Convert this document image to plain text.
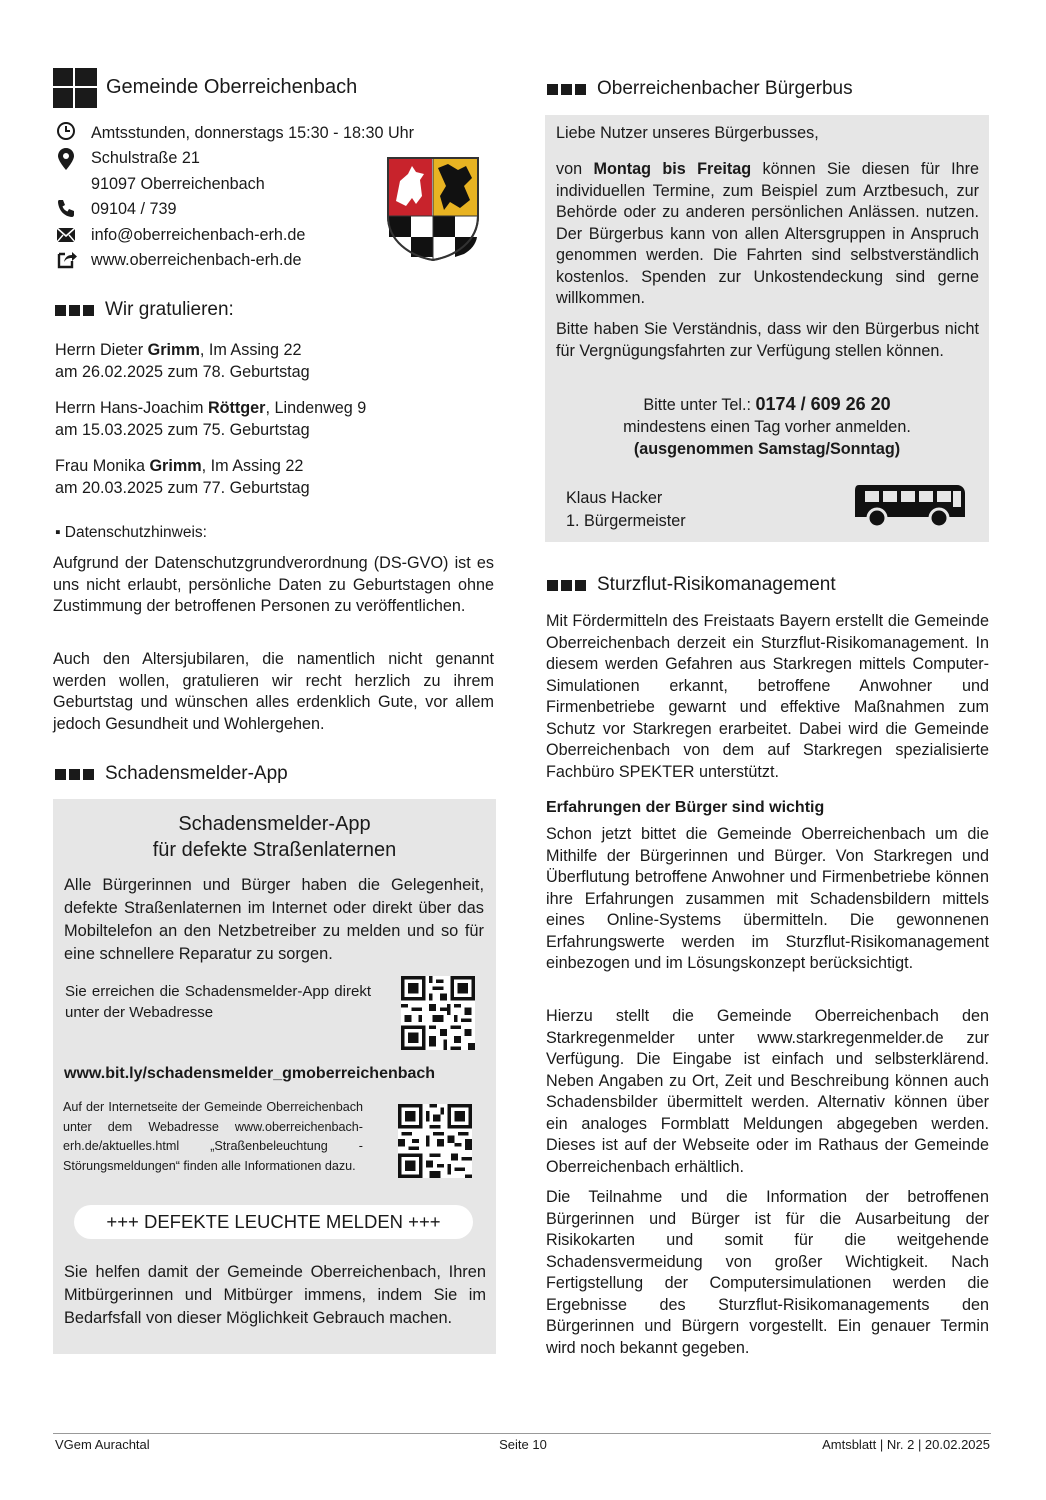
Gemeinde Oberreichenbach
Amtsstunden, donnerstags 15:30 - 18:30 Uhr
Schulstraße 21
91097 Oberreichenbach
09104 / 739
info@oberreichenbach-erh.de
www.oberreichenbach-erh.de
Wir gratulieren:
Herrn Dieter Grimm, Im Assing 22
am 26.02.2025 zum 78. Geburtstag
Herrn Hans-Joachim Röttger, Lindenweg 9
am 15.03.2025 zum 75. Geburtstag
Frau Monika Grimm, Im Assing 22
am 20.03.2025 zum 77. Geburtstag
▪ Datenschutzhinweis:

Aufgrund der Datenschutzgrundverordnung (DS-GVO) ist es uns nicht erlaubt, persönliche Daten zu Geburtstagen ohne Zustimmung der betroffenen Personen zu veröffentlichen.

Auch den Altersjubilaren, die namentlich nicht genannt werden wollen, gratulieren wir recht herzlich zu ihrem Geburtstag und wünschen alles erdenklich Gute, vor allem jedoch Gesundheit und Wohlergehen.

Schadensmelder-App
Schadensmelder-App
für defekte Straßenlaternen

Alle Bürgerinnen und Bürger haben die Gelegenheit, defekte Straßenlaternen im Internet oder direkt über das Mobiltelefon an den Netzbetreiber zu melden und so für eine schnellere Reparatur zu sorgen.

Sie erreichen die Schadensmelder-App direkt unter der Webadresse

www.bit.ly/schadensmelder_gmoberreichenbach

Auf der Internetseite der Gemeinde Oberreichenbach unter dem Webadresse www.oberreichenbach-erh.de/aktuelles.html „Straßenbeleuchtung - Störungsmeldungen“ finden alle Informationen dazu.

+++ DEFEKTE LEUCHTE MELDEN +++

Sie helfen damit der Gemeinde Oberreichenbach, Ihren Mitbürgerinnen und Mitbürger immens, indem Sie im Bedarfsfall von dieser Möglichkeit Gebrauch machen.

Oberreichenbacher Bürgerbus
Liebe Nutzer unseres Bürgerbusses,

von Montag bis Freitag können Sie diesen für Ihre individuellen Termine, zum Beispiel zum Arztbesuch, zur Behörde oder zu anderen persönlichen Anlässen. nutzen. Der Bürgerbus kann von allen Altersgruppen in Anspruch genommen werden. Die Fahrten sind selbstverständlich kostenlos. Spenden zur Unkostendeckung sind gerne willkommen.

Bitte haben Sie Verständnis, dass wir den Bürgerbus nicht für Vergnügungsfahrten zur Verfügung stellen können.

Bitte unter Tel.: 0174 / 609 26 20
mindestens einen Tag vorher anmelden.
(ausgenommen Samstag/Sonntag)
Klaus Hacker
1. Bürgermeister
Sturzflut-Risikomanagement

Mit Fördermitteln des Freistaats Bayern erstellt die Gemeinde Oberreichenbach derzeit ein Sturzflut-Risikomanagement. In diesem werden Gefahren aus Starkregen mittels Computer-Simulationen erkannt, betroffene Anwohner und Firmenbetriebe gewarnt und effektive Maßnahmen zum Schutz vor Starkregen erarbeitet. Dabei wird die Gemeinde Oberreichenbach von dem auf Starkregen spezialisierte Fachbüro SPEKTER unterstützt.

Erfahrungen der Bürger sind wichtig

Schon jetzt bittet die Gemeinde Oberreichenbach um die Mithilfe der Bürgerinnen und Bürger. Von Starkregen und Überflutung betroffene Anwohner und Firmenbetriebe können ihre Erfahrungen zusammen mit Schadensbildern mittels eines Online-Systems übermitteln. Die gewonnenen Erfahrungswerte werden im Sturzflut-Risikomanagement einbezogen und im Lösungskonzept berücksichtigt.

Hierzu stellt die Gemeinde Oberreichenbach den Starkregenmelder unter www.starkregenmelder.de zur Verfügung. Die Eingabe ist einfach und selbsterklärend. Neben Angaben zu Ort, Zeit und Beschreibung können auch Schadensbilder übermittelt werden. Alternativ können über ein analoges Formblatt Meldungen abgegeben werden. Dieses ist auf der Webseite oder im Rathaus der Gemeinde Oberreichenbach erhältlich.

Die Teilnahme und die Information der betroffenen Bürgerinnen und Bürger ist für die Ausarbeitung der Risikokarten und somit für die weitgehende Schadensvermeidung von großer Wichtigkeit. Nach Fertigstellung der Computersimulationen werden die Ergebnisse des Sturzflut-Risikomanagements den Bürgerinnen und Bürgern vorgestellt. Ein genauer Termin wird noch bekannt gegeben.

VGem Aurachtal	Seite 10	Amtsblatt | Nr. 2 | 20.02.2025
